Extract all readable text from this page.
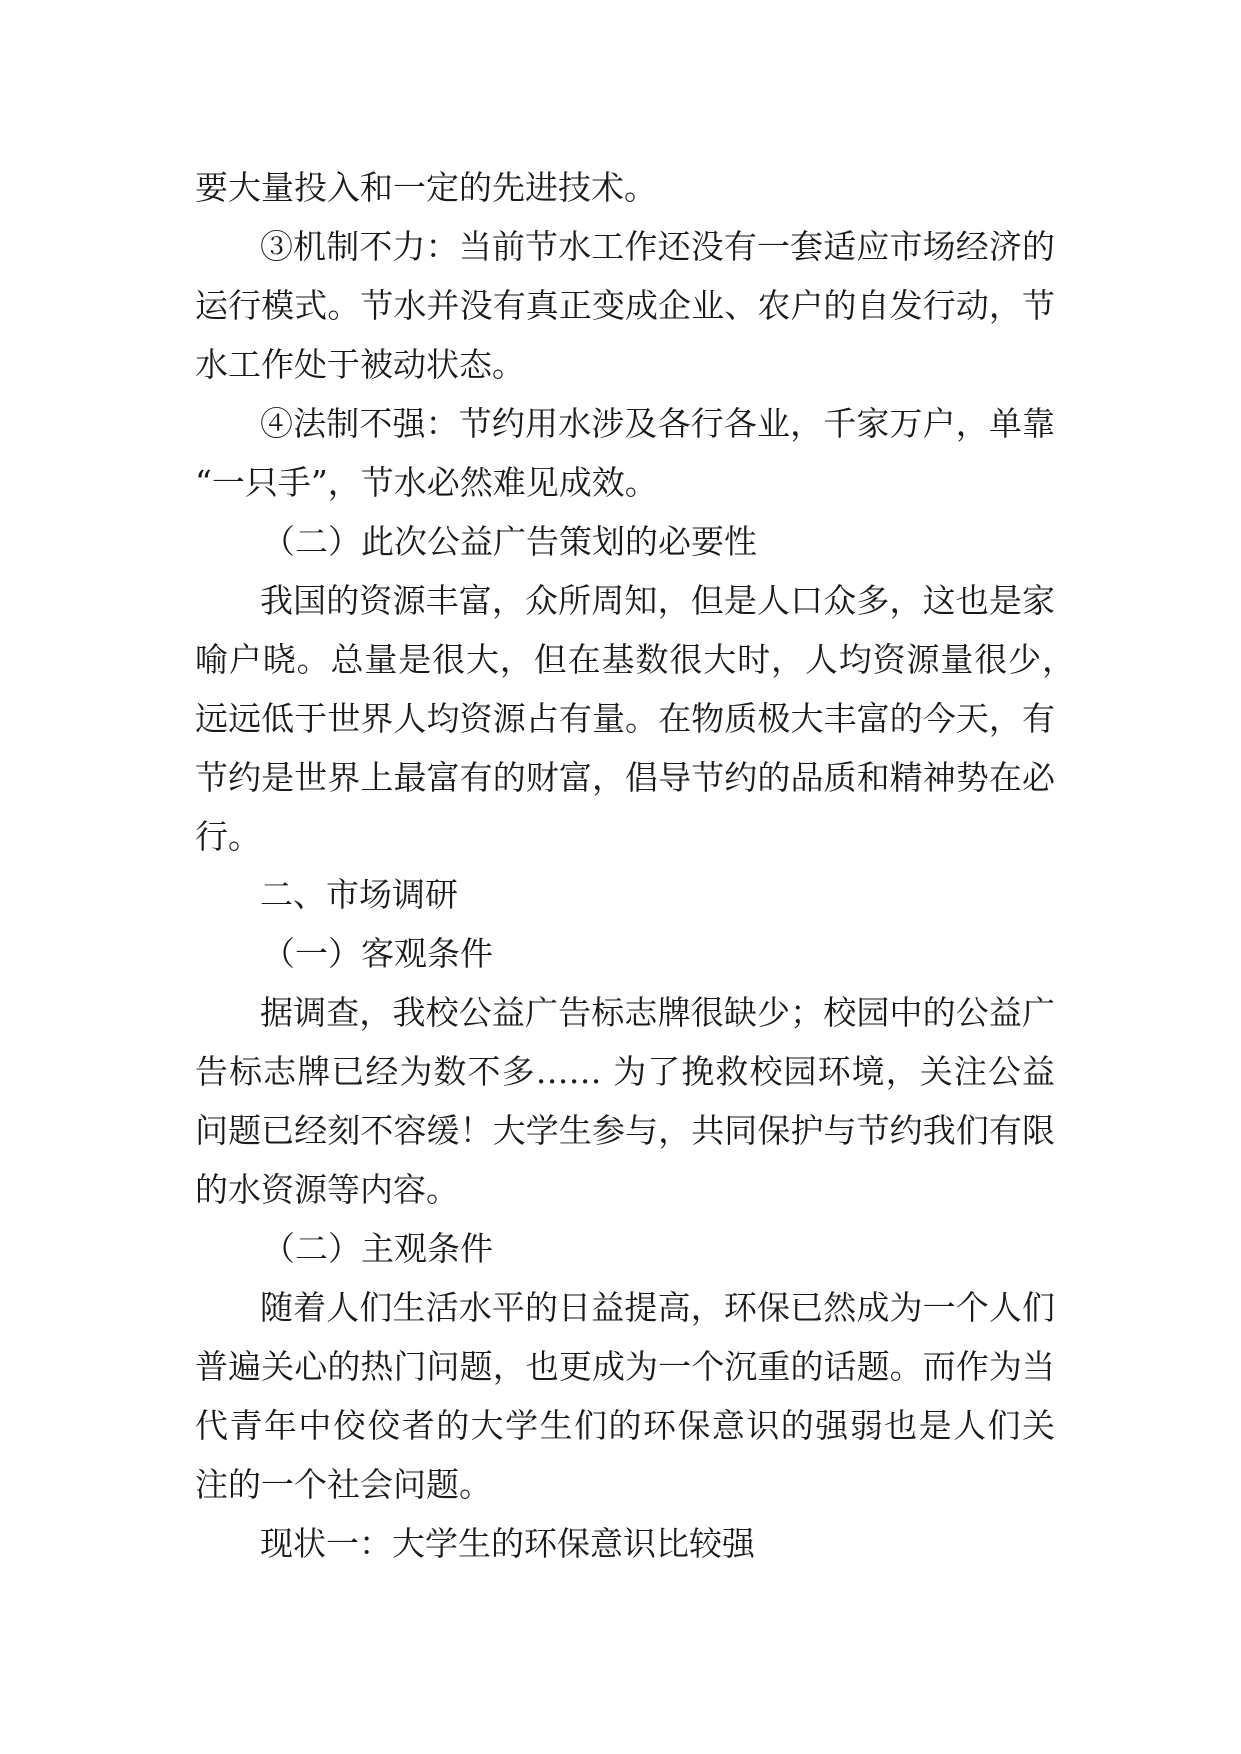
要大量投入和一定的先进技术。
③机制不力：当前节水工作还没有一套适应市场经济的
运行模式。节水并没有真正变成企业、农户的自发行动，节
水工作处于被动状态。
④法制不强：节约用水涉及各行各业，千家万户，单靠
“一只手”，节水必然难见成效。
（二）此次公益广告策划的必要性
我国的资源丰富，众所周知，但是人口众多，这也是家
喻户晓。总量是很大，但在基数很大时，人均资源量很少，
远远低于世界人均资源占有量。在物质极大丰富的今天，有
节约是世界上最富有的财富，倡导节约的品质和精神势在必
行。
二、市场调研
（一）客观条件
据调查，我校公益广告标志牌很缺少；校园中的公益广
告标志牌已经为数不多…… 为了挽救校园环境，关注公益
问题已经刻不容缓！大学生参与，共同保护与节约我们有限
的水资源等内容。
（二）主观条件
随着人们生活水平的日益提高，环保已然成为一个人们
普遍关心的热门问题，也更成为一个沉重的话题。而作为当
代青年中佼佼者的大学生们的环保意识的强弱也是人们关
注的一个社会问题。
现状一：大学生的环保意识比较强
